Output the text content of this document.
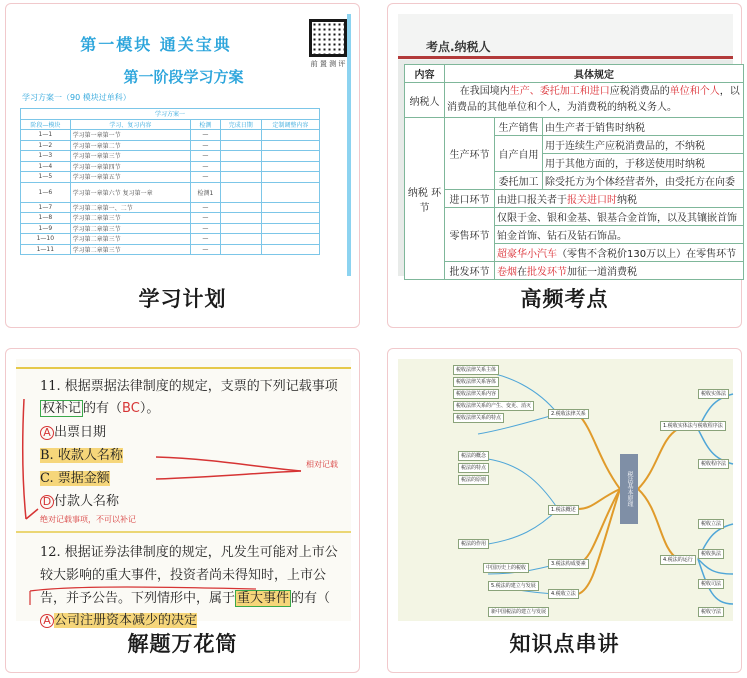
第一模块 通关宝典
前 置 测 评
第一阶段学习方案
学习方案一（90 模块过单科）
学习方案一				
阶段—模块	学习、复习内容	检测	完成日期	定制调整内容
1—1	学习第一章第一节	—		
1—2	学习第一章第二节	—		
1—3	学习第一章第三节	—		
1—4	学习第一章第四节	—		
1—5	学习第一章第五节	—		
1—6	学习第一章第六节 复习第一章	检测1		
1—7	学习第二章第一、二节	—		
1—8	学习第二章第三节	—		
1—9	学习第二章第三节	—		
1—10	学习第二章第三节	—		
1—11	学习第二章第三节	—		
学习计划
考点.纳税人
内容	具体规定		
纳税人	在我国境内生产、委托加工和进口应税消费品的单位和个人，以
消费品的其他单位和个人，为消费税的纳税义务人。		
纳税 环节	生产环节	生产销售	由生产者于销售时纳税
		自产自用	用于连续生产应税消费品的，不纳税
			用于其他方面的，于移送使用时纳税
		委托加工	除受托方为个体经营者外，由受托方在向委
	进口环节	由进口报关者于报关进口时纳税	
	零售环节	仅限于金、银和金基、银基合金首饰，以及其镶嵌首饰	
		铂金首饰、钻石及钻石饰品。	
		超豪华小汽车（零售不含税价130万以上）在零售环节	
	批发环节	卷烟在批发环节加征一道消费税	
高频考点
11. 根据票据法律制度的规定，支票的下列记载事项
权补记 的有（BC）。
A 出票日期
B. 收款人名称
C. 票据金额
D 付款人名称
相对记载
绝对记载事项，不可以补记
12. 根据证券法律制度的规定，凡发生可能对上市公
较大影响的重大事件，投资者尚未得知时，上市公
告，并予公告。下列情形中，属于 重大事件 的有（
A 公司注册资本减少的决定
解题万花筒
税法基本原理
2.税收法律关系
1.税法概述
3.税法构成要素
4.税收立法
5.税法的建立与发展
1.税收实体法与税收程序法
4.税法的运行
税收实体法
税收程序法
税收立法
税收执法
税收司法
税收守法
税收法律关系主体
税收法律关系客体
税收法律关系内容
税收法律关系的产生、变更、消灭
税收法律关系的特点
税法的概念
税法的特点
税法的原则
税法的作用
中国历史上的税收
新中国税法的建立与发展
知识点串讲
